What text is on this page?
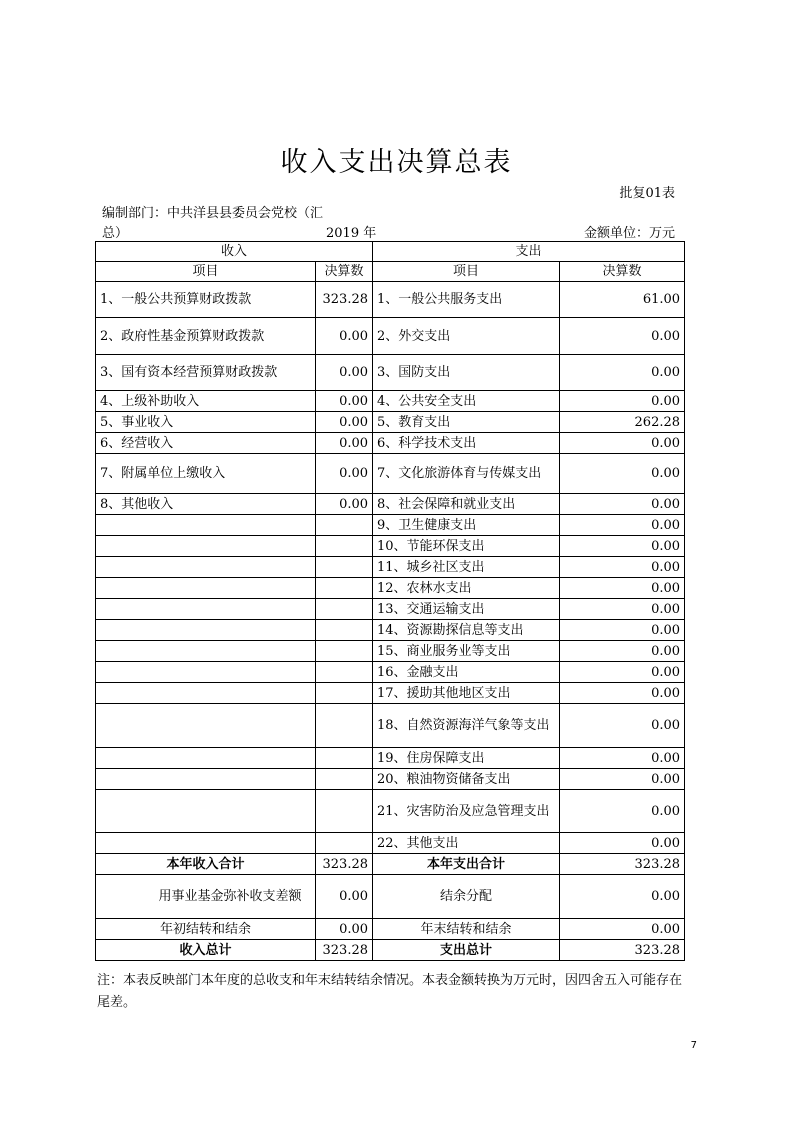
收入支出决算总表
批复01表
编制部门：中共洋县县委员会党校（汇
总）	2019 年	金额单位：万元
收入		支出	
项目	决算数	项目	决算数
1、一般公共预算财政拨款	323.28	1、一般公共服务支出	61.00
2、政府性基金预算财政拨款	0.00	2、外交支出	0.00
3、国有资本经营预算财政拨款	0.00	3、国防支出	0.00
4、上级补助收入	0.00	4、公共安全支出	0.00
5、事业收入	0.00	5、教育支出	262.28
6、经营收入	0.00	6、科学技术支出	0.00
7、附属单位上缴收入	0.00	7、文化旅游体育与传媒支出	0.00
8、其他收入	0.00	8、社会保障和就业支出	0.00
		9、卫生健康支出	0.00
		10、节能环保支出	0.00
		11、城乡社区支出	0.00
		12、农林水支出	0.00
		13、交通运输支出	0.00
		14、资源勘探信息等支出	0.00
		15、商业服务业等支出	0.00
		16、金融支出	0.00
		17、援助其他地区支出	0.00
		18、自然资源海洋气象等支出	0.00
		19、住房保障支出	0.00
		20、粮油物资储备支出	0.00
		21、灾害防治及应急管理支出	0.00
		22、其他支出	0.00
本年收入合计	323.28	本年支出合计	323.28
用事业基金弥补收支差额	0.00	结余分配	0.00
年初结转和结余	0.00	年末结转和结余	0.00
收入总计	323.28	支出总计	323.28
注：本表反映部门本年度的总收支和年末结转结余情况。本表金额转换为万元时，因四舍五入可能存在尾差。
7
